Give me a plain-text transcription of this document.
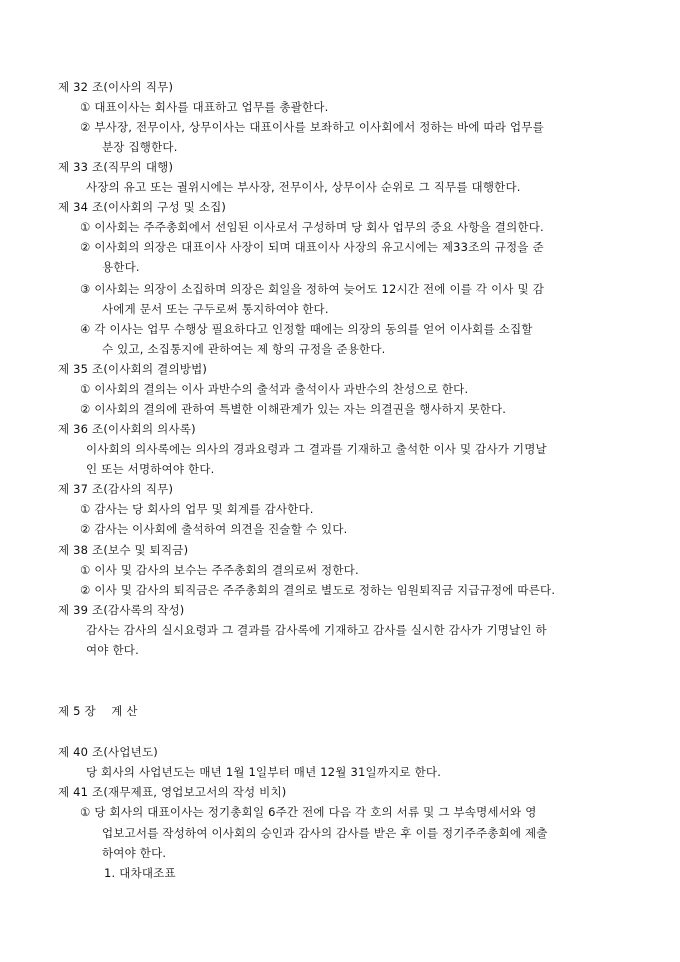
제 32 조(이사의 직무)
① 대표이사는 회사를 대표하고 업무를 총괄한다.
② 부사장, 전무이사, 상무이사는 대표이사를 보좌하고 이사회에서 정하는 바에 따라 업무를
분장 집행한다.
제 33 조(직무의 대행)
사장의 유고 또는 궐위시에는 부사장, 전무이사, 상무이사 순위로 그 직무를 대행한다.
제 34 조(이사회의 구성 및 소집)
① 이사회는 주주총회에서 선임된 이사로서 구성하며 당 회사 업무의 중요 사항을 결의한다.
② 이사회의 의장은 대표이사 사장이 되며 대표이사 사장의 유고시에는 제33조의 규정을 준
용한다.
③ 이사회는 의장이 소집하며 의장은 회일을 정하여 늦어도 12시간 전에 이를 각 이사 및 감
사에게 문서 또는 구두로써 통지하여야 한다.
④ 각 이사는 업무 수행상 필요하다고 인정할 때에는 의장의 동의를 얻어 이사회를 소집할
수 있고, 소집통지에 관하여는 제 항의 규정을 준용한다.
제 35 조(이사회의 결의방법)
① 이사회의 결의는 이사 과반수의 출석과 출석이사 과반수의 찬성으로 한다.
② 이사회의 결의에 관하여 특별한 이해관계가 있는 자는 의결권을 행사하지 못한다.
제 36 조(이사회의 의사록)
이사회의 의사록에는 의사의 경과요령과 그 결과를 기재하고 출석한 이사 및 감사가 기명날
인 또는 서명하여야 한다.
제 37 조(감사의 직무)
① 감사는 당 회사의 업무 및 회계를 감사한다.
② 감사는 이사회에 출석하여 의견을 진술할 수 있다.
제 38 조(보수 및 퇴직금)
① 이사 및 감사의 보수는 주주총회의 결의로써 정한다.
② 이사 및 감사의 퇴직금은 주주총회의 결의로 별도로 정하는 임원퇴직금 지급규정에 따른다.
제 39 조(감사록의 작성)
감사는 감사의 실시요령과 그 결과를 감사록에 기재하고 감사를 실시한 감사가 기명날인 하
여야 한다.
제 5 장    계 산
제 40 조(사업년도)
당 회사의 사업년도는 매년 1월 1일부터 매년 12월 31일까지로 한다.
제 41 조(재무제표, 영업보고서의 작성 비치)
① 당 회사의 대표이사는 정기총회일 6주간 전에 다음 각 호의 서류 및 그 부속명세서와 영
업보고서를 작성하여 이사회의 승인과 감사의 감사를 받은 후 이를 정기주주총회에 제출
하여야 한다.
1. 대차대조표
